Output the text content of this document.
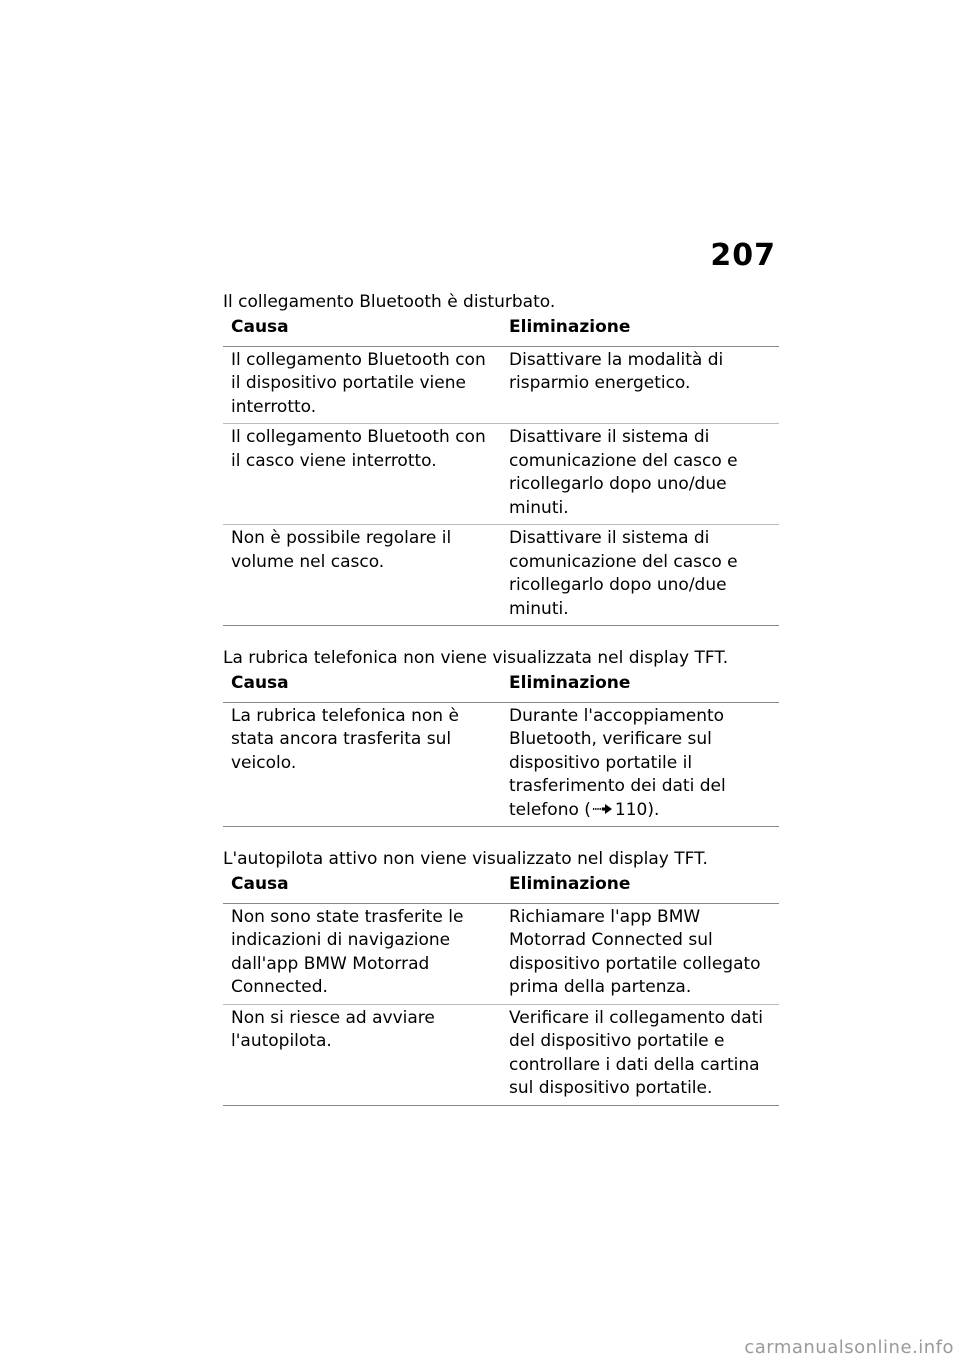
207
Il collegamento Bluetooth è disturbato.
Causa	Eliminazione
Il collegamento Bluetooth con il dispositivo portatile viene interrotto.	Disattivare la modalità di risparmio energetico.
Il collegamento Bluetooth con il casco viene interrotto.	Disattivare il sistema di comunicazione del casco e ricollegarlo dopo uno/due minuti.
Non è possibile regolare il volume nel casco.	Disattivare il sistema di comunicazione del casco e ricollegarlo dopo uno/due minuti.
La rubrica telefonica non viene visualizzata nel display TFT.
Causa	Eliminazione
La rubrica telefonica non è stata ancora trasferita sul veicolo.	Durante l'accoppiamento Bluetooth, verificare sul dispositivo portatile il trasferimento dei dati del telefono ( 110).
L'autopilota attivo non viene visualizzato nel display TFT.
Causa	Eliminazione
Non sono state trasferite le indicazioni di navigazione dall'app BMW Motorrad Connected.	Richiamare l'app BMW Motorrad Connected sul dispositivo portatile collegato prima della partenza.
Non si riesce ad avviare l'autopilota.	Verificare il collegamento dati del dispositivo portatile e controllare i dati della cartina sul dispositivo portatile.
carmanualsonline.info
